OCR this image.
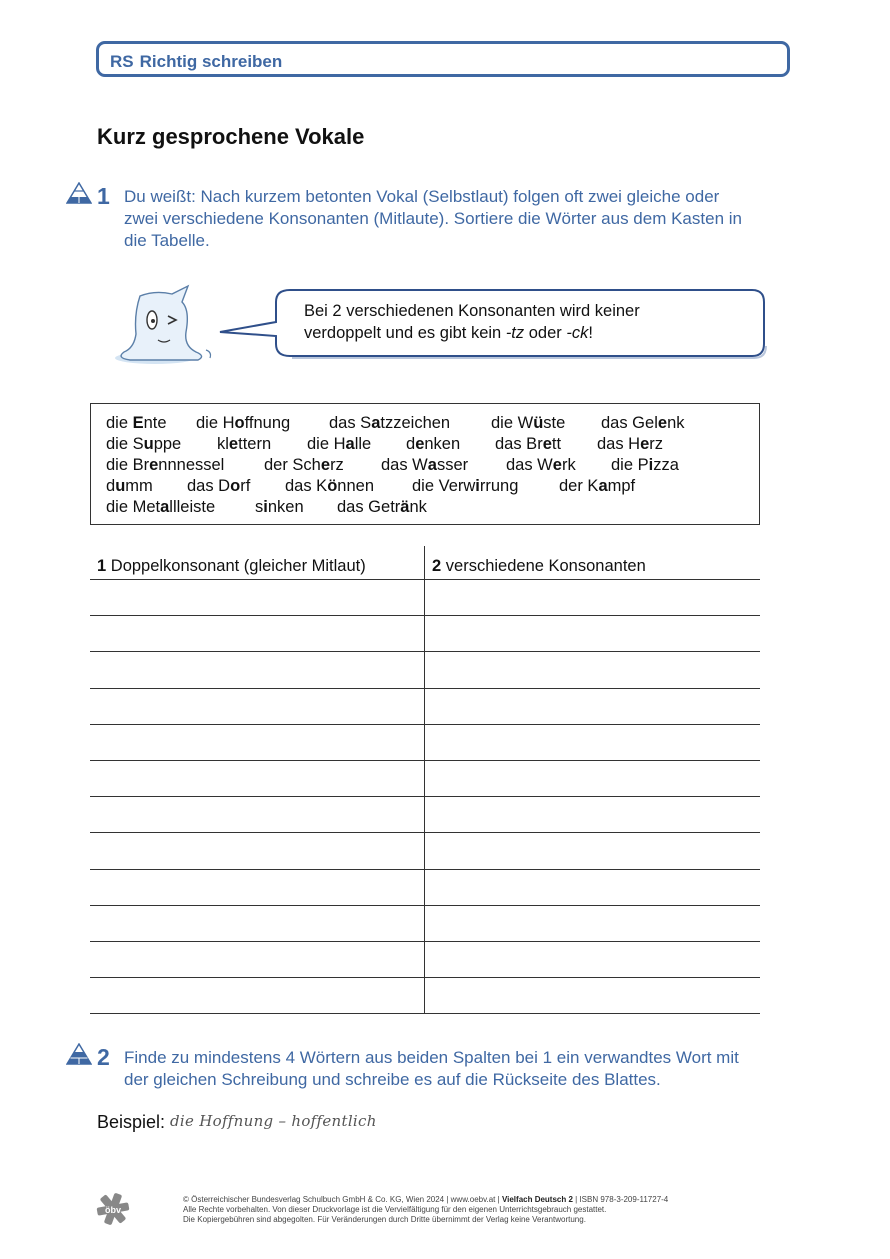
RS Richtig schreiben
Kurz gesprochene Vokale
1 Du weißt: Nach kurzem betonten Vokal (Selbstlaut) folgen oft zwei gleiche oder
zwei verschiedene Konsonanten (Mitlaute). Sortiere die Wörter aus dem Kasten in
die Tabelle.
Bei 2 verschiedenen Konsonanten wird keiner
verdoppelt und es gibt kein -tz oder -ck!
die Ente die Hoffnung das Satzzeichen die Wüste das Gelenk
die Suppe klettern die Halle denken das Brett das Herz
die Brennnessel der Scherz das Wasser das Werk die Pizza
dumm das Dorf das Können die Verwirrung der Kampf
die Metallleiste sinken das Getränk
1 Doppelkonsonant (gleicher Mitlaut)	2 verschiedene Konsonanten
2 Finde zu mindestens 4 Wörtern aus beiden Spalten bei 1 ein verwandtes Wort mit
der gleichen Schreibung und schreibe es auf die Rückseite des Blattes.
Beispiel: die Hoffnung – hoffentlich
öbv
© Österreichischer Bundesverlag Schulbuch GmbH & Co. KG, Wien 2024 | www.oebv.at | Vielfach Deutsch 2 | ISBN 978-3-209-11727-4
Alle Rechte vorbehalten. Von dieser Druckvorlage ist die Vervielfältigung für den eigenen Unterrichtsgebrauch gestattet.
Die Kopiergebühren sind abgegolten. Für Veränderungen durch Dritte übernimmt der Verlag keine Verantwortung.
